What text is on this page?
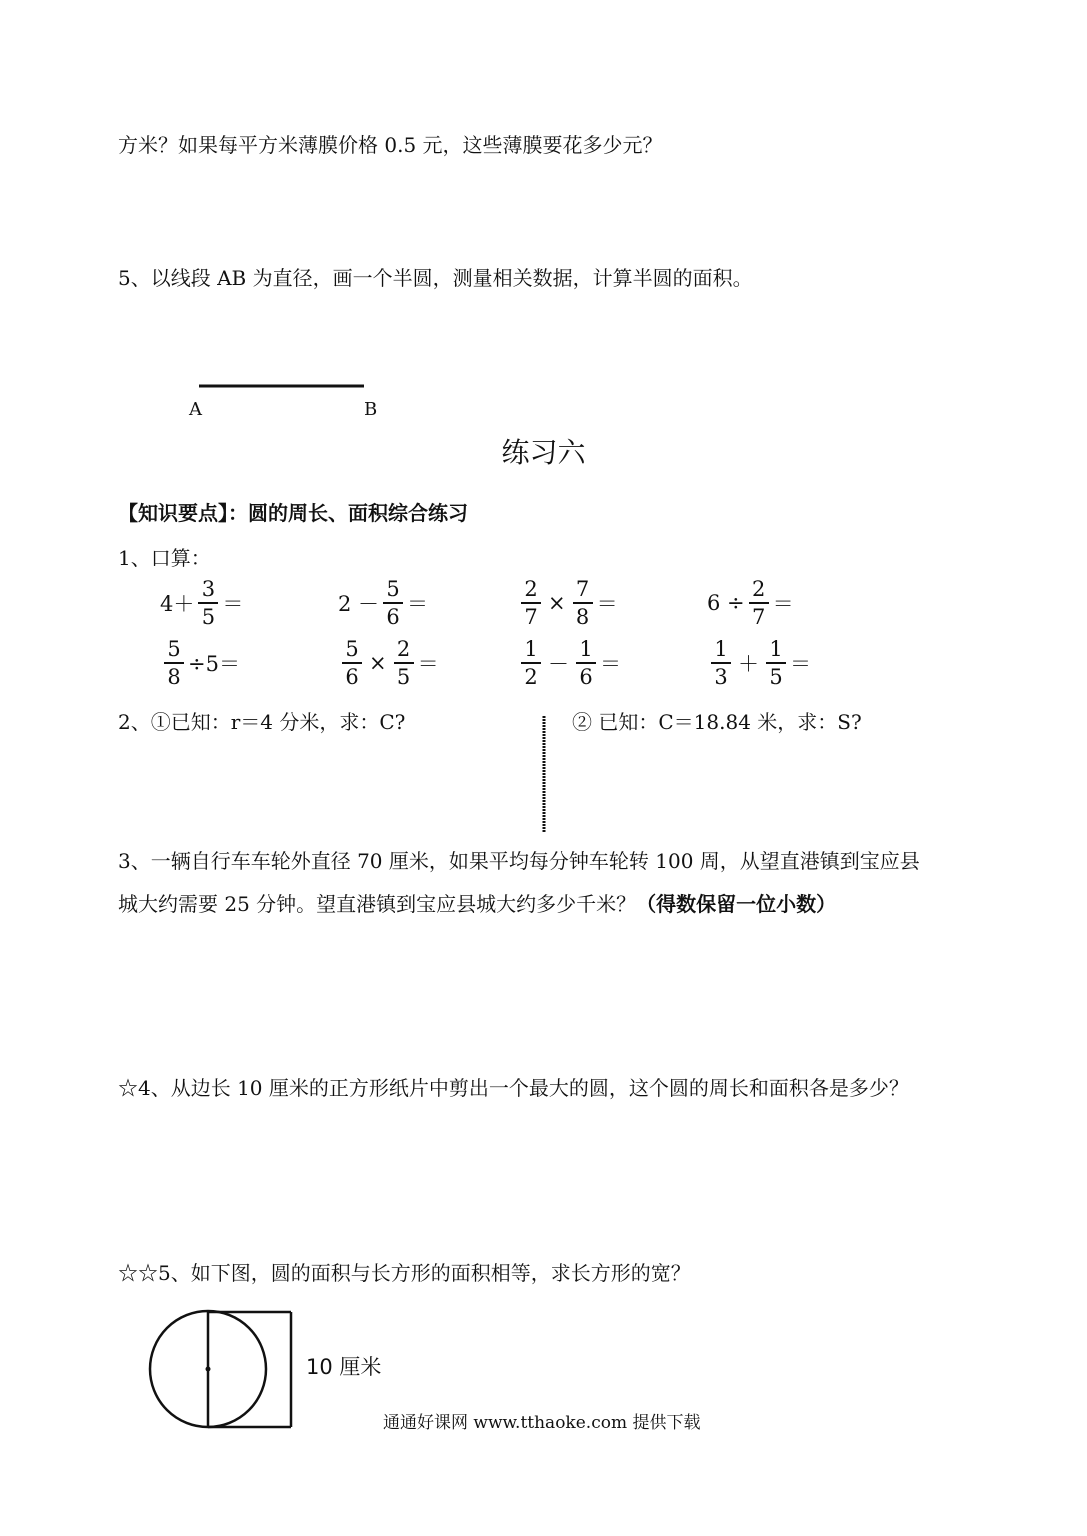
方米？如果每平方米薄膜价格 0.5 元，这些薄膜要花多少元？
5、以线段 AB 为直径，画一个半圆，测量相关数据，计算半圆的面积。
A	B
练习六
【知识要点】：圆的周长、面积综合练习
1、口算：
$4+ \frac{3}{5}$ ＝	$2 - \frac{5}{6}$ ＝	$\frac{2}{7} \times \frac{7}{8}$ ＝	$6 \div \frac{2}{7}$ ＝
$\frac{5}{8} \div 5=$	$\frac{5}{6} \times \frac{2}{5}$ ＝	$\frac{1}{2} - \frac{1}{6}$ ＝	$\frac{1}{3} + \frac{1}{5}$ ＝
2、①已知：r＝4 分米，求：C?	② 已知：C＝18.84 米，求：S?
3、一辆自行车车轮外直径 70 厘米，如果平均每分钟车轮转 100 周，从望直港镇到宝应县
城大约需要 25 分钟。望直港镇到宝应县城大约多少千米？（得数保留一位小数）
☆4、从边长 10 厘米的正方形纸片中剪出一个最大的圆，这个圆的周长和面积各是多少？
☆☆5、如下图，圆的面积与长方形的面积相等，求长方形的宽？
10 厘米
通通好课网 www.tthaoke.com 提供下载
